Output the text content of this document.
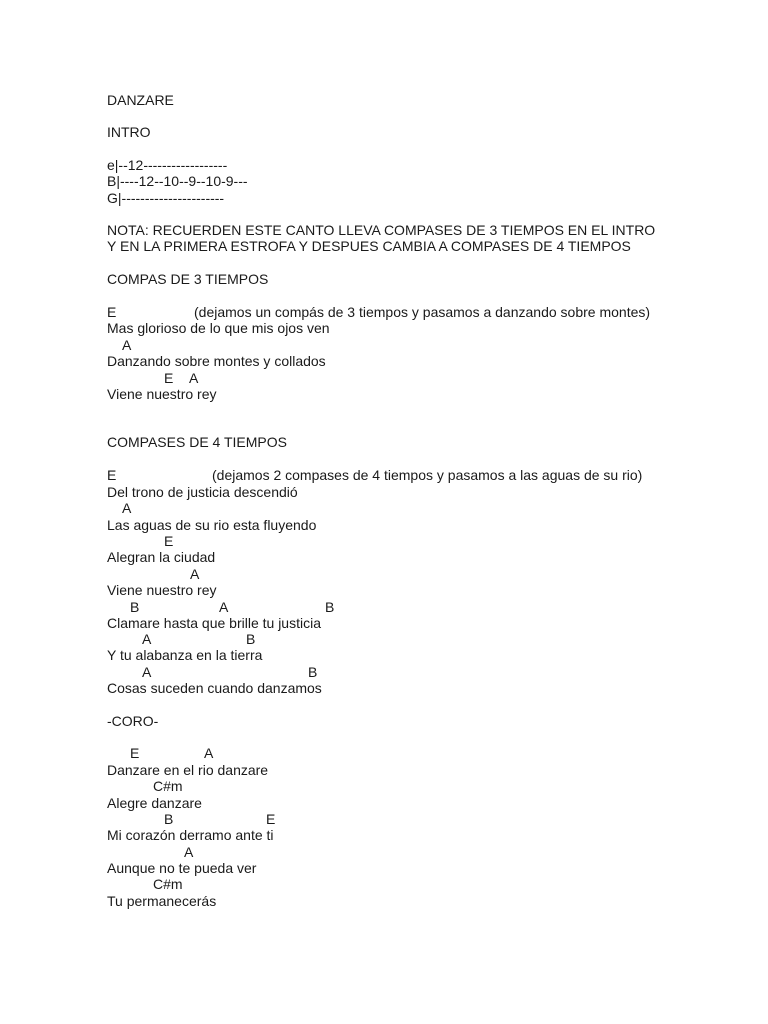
DANZARE
INTRO
e|--12------------------
B|----12--10--9--10-9---
G|----------------------
NOTA: RECUERDEN ESTE CANTO LLEVA COMPASES DE 3 TIEMPOS EN EL INTRO
Y EN LA PRIMERA ESTROFA Y DESPUES CAMBIA A COMPASES DE 4 TIEMPOS
COMPAS DE 3 TIEMPOS
E	(dejamos un compás de 3 tiempos y pasamos a danzando sobre montes)
Mas glorioso de lo que mis ojos ven
A
Danzando sobre montes y collados
E A
Viene nuestro rey
COMPASES DE 4 TIEMPOS
E	(dejamos 2 compases de 4 tiempos y pasamos a las aguas de su rio)
Del trono de justicia descendió
A
Las aguas de su rio esta fluyendo
E
Alegran la ciudad
A
Viene nuestro rey
B	A	B
Clamare hasta que brille tu justicia
A	B
Y tu alabanza en la tierra
A	B
Cosas suceden cuando danzamos
-CORO-
E	A
Danzare en el rio danzare
C#m
Alegre danzare
B	E
Mi corazón derramo ante ti
A
Aunque no te pueda ver
C#m
Tu permanecerás
